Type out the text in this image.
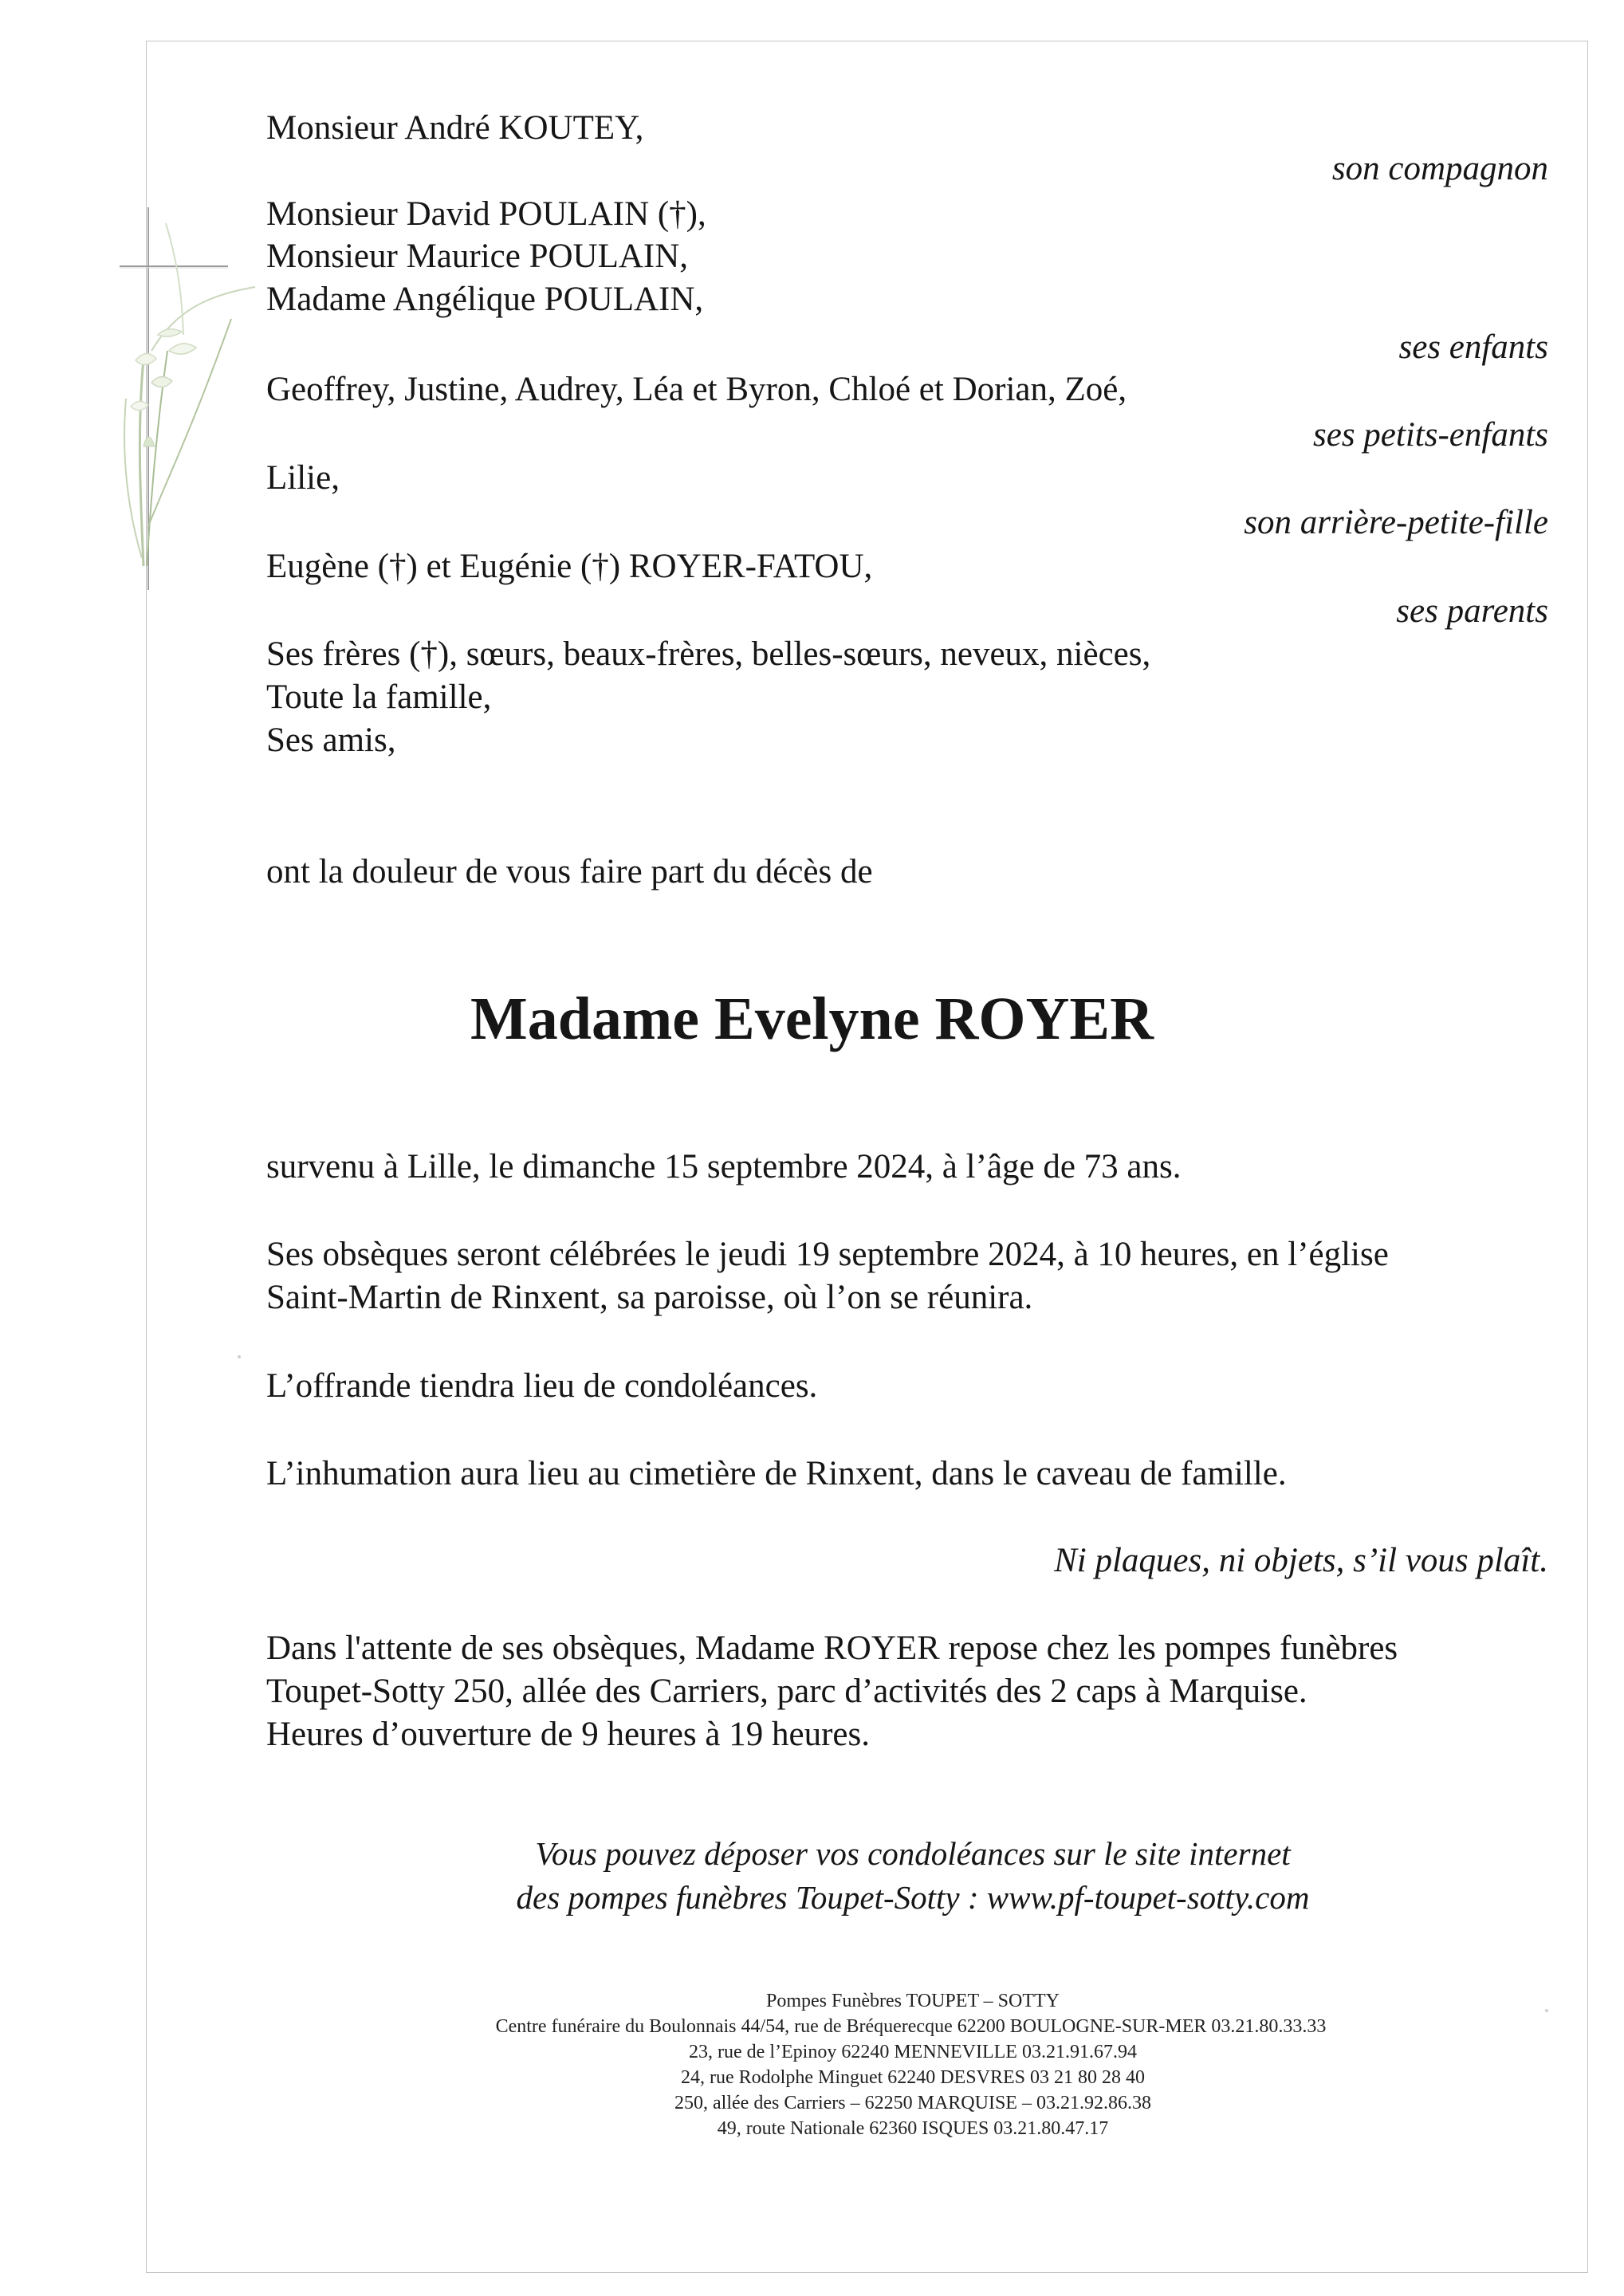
Monsieur André KOUTEY,
son compagnon
Monsieur David POULAIN (†),
Monsieur Maurice POULAIN,
Madame Angélique POULAIN,
ses enfants
Geoffrey, Justine, Audrey, Léa et Byron, Chloé et Dorian, Zoé,
ses petits-enfants
Lilie,
son arrière-petite-fille
Eugène (†) et Eugénie (†) ROYER-FATOU,
ses parents
Ses frères (†), sœurs, beaux-frères, belles-sœurs, neveux, nièces,
Toute la famille,
Ses amis,
ont la douleur de vous faire part du décès de
Madame Evelyne ROYER
survenu à Lille, le dimanche 15 septembre 2024, à l’âge de 73 ans.
Ses obsèques seront célébrées le jeudi 19 septembre 2024, à 10 heures, en l’église
Saint-Martin de Rinxent, sa paroisse, où l’on se réunira.
L’offrande tiendra lieu de condoléances.
L’inhumation aura lieu au cimetière de Rinxent, dans le caveau de famille.
Ni plaques, ni objets, s’il vous plaît.
Dans l'attente de ses obsèques, Madame ROYER repose chez les pompes funèbres
Toupet-Sotty 250, allée des Carriers, parc d’activités des 2 caps à Marquise.
Heures d’ouverture de 9 heures à 19 heures.
Vous pouvez déposer vos condoléances sur le site internet
des pompes funèbres Toupet-Sotty : www.pf-toupet-sotty.com
Pompes Funèbres TOUPET – SOTTY
Centre funéraire du Boulonnais 44/54, rue de Bréquerecque 62200 BOULOGNE-SUR-MER 03.21.80.33.33
23, rue de l’Epinoy 62240 MENNEVILLE 03.21.91.67.94
24, rue Rodolphe Minguet 62240 DESVRES 03 21 80 28 40
250, allée des Carriers – 62250 MARQUISE – 03.21.92.86.38
49, route Nationale 62360 ISQUES 03.21.80.47.17
